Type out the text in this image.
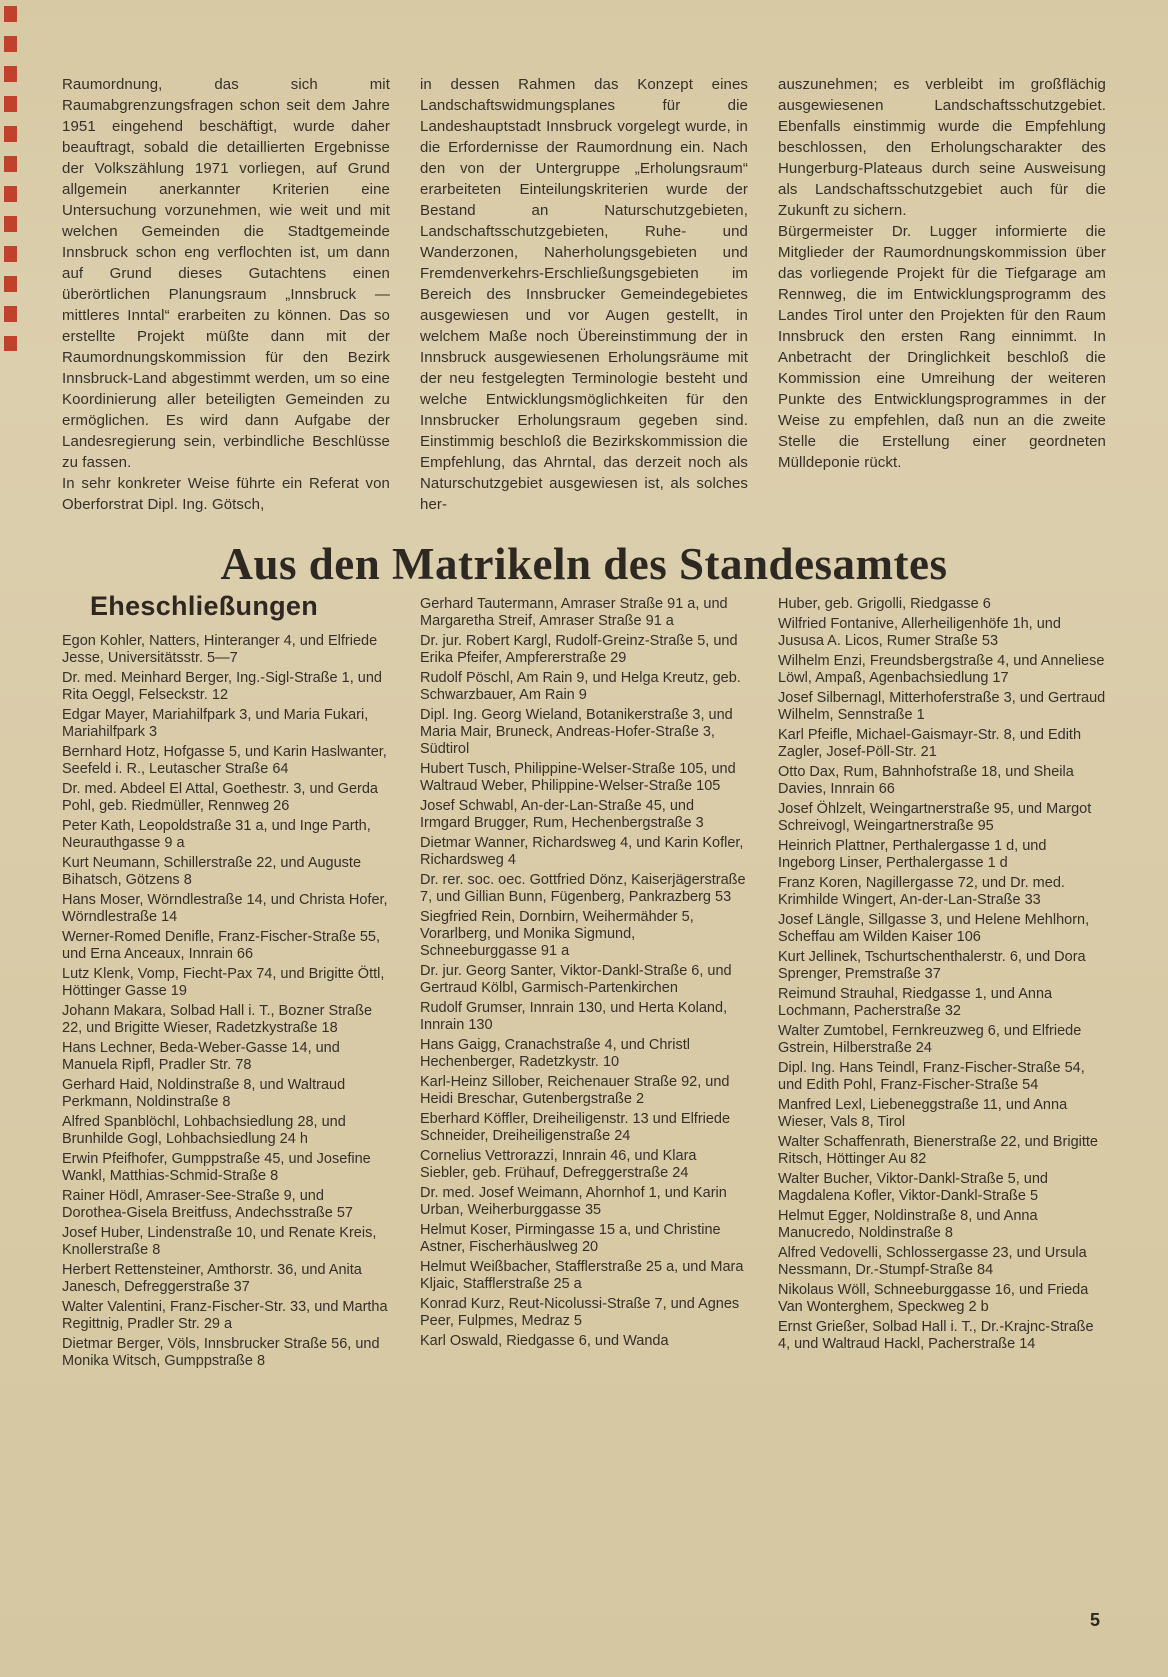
Raumordnung, das sich mit Raumabgrenzungsfragen schon seit dem Jahre 1951 eingehend beschäftigt, wurde daher beauftragt, sobald die detaillierten Ergebnisse der Volkszählung 1971 vorliegen, auf Grund allgemein anerkannter Kriterien eine Untersuchung vorzunehmen, wie weit und mit welchen Gemeinden die Stadtgemeinde Innsbruck schon eng verflochten ist, um dann auf Grund dieses Gutachtens einen überörtlichen Planungsraum „Innsbruck — mittleres Inntal“ erarbeiten zu können. Das so erstellte Projekt müßte dann mit der Raumordnungskommission für den Bezirk Innsbruck-Land abgestimmt werden, um so eine Koordinierung aller beteiligten Gemeinden zu ermöglichen. Es wird dann Aufgabe der Landesregierung sein, verbindliche Beschlüsse zu fassen.

In sehr konkreter Weise führte ein Referat von Oberforstrat Dipl. Ing. Götsch,

in dessen Rahmen das Konzept eines Landschaftswidmungsplanes für die Landeshauptstadt Innsbruck vorgelegt wurde, in die Erfordernisse der Raumordnung ein. Nach den von der Untergruppe „Erholungsraum“ erarbeiteten Einteilungskriterien wurde der Bestand an Naturschutzgebieten, Landschaftsschutzgebieten, Ruhe- und Wanderzonen, Naherholungsgebieten und Fremdenverkehrs-Erschließungsgebieten im Bereich des Innsbrucker Gemeindegebietes ausgewiesen und vor Augen gestellt, in welchem Maße noch Übereinstimmung der in Innsbruck ausgewiesenen Erholungsräume mit der neu festgelegten Terminologie besteht und welche Entwicklungsmöglichkeiten für den Innsbrucker Erholungsraum gegeben sind. Einstimmig beschloß die Bezirkskommission die Empfehlung, das Ahrntal, das derzeit noch als Naturschutzgebiet ausgewiesen ist, als solches her-

auszunehmen; es verbleibt im großflächig ausgewiesenen Landschaftsschutzgebiet. Ebenfalls einstimmig wurde die Empfehlung beschlossen, den Erholungscharakter des Hungerburg-Plateaus durch seine Ausweisung als Landschaftsschutzgebiet auch für die Zukunft zu sichern.

Bürgermeister Dr. Lugger informierte die Mitglieder der Raumordnungskommission über das vorliegende Projekt für die Tiefgarage am Rennweg, die im Entwicklungsprogramm des Landes Tirol unter den Projekten für den Raum Innsbruck den ersten Rang einnimmt. In Anbetracht der Dringlichkeit beschloß die Kommission eine Umreihung der weiteren Punkte des Entwicklungsprogrammes in der Weise zu empfehlen, daß nun an die zweite Stelle die Erstellung einer geordneten Mülldeponie rückt.

Aus den Matrikeln des Standesamtes
Eheschließungen

Egon Kohler, Natters, Hinteranger 4, und Elfriede Jesse, Universitätsstr. 5—7

Dr. med. Meinhard Berger, Ing.-Sigl-Straße 1, und Rita Oeggl, Felseckstr. 12

Edgar Mayer, Mariahilfpark 3, und Maria Fukari, Mariahilfpark 3

Bernhard Hotz, Hofgasse 5, und Karin Haslwanter, Seefeld i. R., Leutascher Straße 64

Dr. med. Abdeel El Attal, Goethestr. 3, und Gerda Pohl, geb. Riedmüller, Rennweg 26

Peter Kath, Leopoldstraße 31 a, und Inge Parth, Neurauthgasse 9 a

Kurt Neumann, Schillerstraße 22, und Auguste Bihatsch, Götzens 8

Hans Moser, Wörndlestraße 14, und Christa Hofer, Wörndlestraße 14

Werner-Romed Denifle, Franz-Fischer-Straße 55, und Erna Anceaux, Innrain 66

Lutz Klenk, Vomp, Fiecht-Pax 74, und Brigitte Öttl, Höttinger Gasse 19

Johann Makara, Solbad Hall i. T., Bozner Straße 22, und Brigitte Wieser, Radetzkystraße 18

Hans Lechner, Beda-Weber-Gasse 14, und Manuela Ripfl, Pradler Str. 78

Gerhard Haid, Noldinstraße 8, und Waltraud Perkmann, Noldinstraße 8

Alfred Spanblöchl, Lohbachsiedlung 28, und Brunhilde Gogl, Lohbachsiedlung 24 h

Erwin Pfeifhofer, Gumppstraße 45, und Josefine Wankl, Matthias-Schmid-Straße 8

Rainer Hödl, Amraser-See-Straße 9, und Dorothea-Gisela Breitfuss, Andechsstraße 57

Josef Huber, Lindenstraße 10, und Renate Kreis, Knollerstraße 8

Herbert Rettensteiner, Amthorstr. 36, und Anita Janesch, Defreggerstraße 37

Walter Valentini, Franz-Fischer-Str. 33, und Martha Regittnig, Pradler Str. 29 a

Dietmar Berger, Völs, Innsbrucker Straße 56, und Monika Witsch, Gumppstraße 8

Gerhard Tautermann, Amraser Straße 91 a, und Margaretha Streif, Amraser Straße 91 a

Dr. jur. Robert Kargl, Rudolf-Greinz-Straße 5, und Erika Pfeifer, Ampfererstraße 29

Rudolf Pöschl, Am Rain 9, und Helga Kreutz, geb. Schwarzbauer, Am Rain 9

Dipl. Ing. Georg Wieland, Botanikerstraße 3, und Maria Mair, Bruneck, Andreas-Hofer-Straße 3, Südtirol

Hubert Tusch, Philippine-Welser-Straße 105, und Waltraud Weber, Philippine-Welser-Straße 105

Josef Schwabl, An-der-Lan-Straße 45, und Irmgard Brugger, Rum, Hechenbergstraße 3

Dietmar Wanner, Richardsweg 4, und Karin Kofler, Richardsweg 4

Dr. rer. soc. oec. Gottfried Dönz, Kaiserjägerstraße 7, und Gillian Bunn, Fügenberg, Pankrazberg 53

Siegfried Rein, Dornbirn, Weihermähder 5, Vorarlberg, und Monika Sigmund, Schneeburggasse 91 a

Dr. jur. Georg Santer, Viktor-Dankl-Straße 6, und Gertraud Kölbl, Garmisch-Partenkirchen

Rudolf Grumser, Innrain 130, und Herta Koland, Innrain 130

Hans Gaigg, Cranachstraße 4, und Christl Hechenberger, Radetzkystr. 10

Karl-Heinz Sillober, Reichenauer Straße 92, und Heidi Breschar, Gutenbergstraße 2

Eberhard Köffler, Dreiheiligenstr. 13 und Elfriede Schneider, Dreiheiligenstraße 24

Cornelius Vettrorazzi, Innrain 46, und Klara Siebler, geb. Frühauf, Defreggerstraße 24

Dr. med. Josef Weimann, Ahornhof 1, und Karin Urban, Weiherburggasse 35

Helmut Koser, Pirmingasse 15 a, und Christine Astner, Fischerhäuslweg 20

Helmut Weißbacher, Stafflerstraße 25 a, und Mara Kljaic, Stafflerstraße 25 a

Konrad Kurz, Reut-Nicolussi-Straße 7, und Agnes Peer, Fulpmes, Medraz 5

Karl Oswald, Riedgasse 6, und Wanda

Huber, geb. Grigolli, Riedgasse 6

Wilfried Fontanive, Allerheiligenhöfe 1h, und Jususa A. Licos, Rumer Straße 53

Wilhelm Enzi, Freundsbergstraße 4, und Anneliese Löwl, Ampaß, Agenbachsiedlung 17

Josef Silbernagl, Mitterhoferstraße 3, und Gertraud Wilhelm, Sennstraße 1

Karl Pfeifle, Michael-Gaismayr-Str. 8, und Edith Zagler, Josef-Pöll-Str. 21

Otto Dax, Rum, Bahnhofstraße 18, und Sheila Davies, Innrain 66

Josef Öhlzelt, Weingartnerstraße 95, und Margot Schreivogl, Weingartnerstraße 95

Heinrich Plattner, Perthalergasse 1 d, und Ingeborg Linser, Perthalergasse 1 d

Franz Koren, Nagillergasse 72, und Dr. med. Krimhilde Wingert, An-der-Lan-Straße 33

Josef Längle, Sillgasse 3, und Helene Mehlhorn, Scheffau am Wilden Kaiser 106

Kurt Jellinek, Tschurtschenthalerstr. 6, und Dora Sprenger, Premstraße 37

Reimund Strauhal, Riedgasse 1, und Anna Lochmann, Pacherstraße 32

Walter Zumtobel, Fernkreuzweg 6, und Elfriede Gstrein, Hilberstraße 24

Dipl. Ing. Hans Teindl, Franz-Fischer-Straße 54, und Edith Pohl, Franz-Fischer-Straße 54

Manfred Lexl, Liebeneggstraße 11, und Anna Wieser, Vals 8, Tirol

Walter Schaffenrath, Bienerstraße 22, und Brigitte Ritsch, Höttinger Au 82

Walter Bucher, Viktor-Dankl-Straße 5, und Magdalena Kofler, Viktor-Dankl-Straße 5

Helmut Egger, Noldinstraße 8, und Anna Manucredo, Noldinstraße 8

Alfred Vedovelli, Schlossergasse 23, und Ursula Nessmann, Dr.-Stumpf-Straße 84

Nikolaus Wöll, Schneeburggasse 16, und Frieda Van Wonterghem, Speckweg 2 b

Ernst Grießer, Solbad Hall i. T., Dr.-Krajnc-Straße 4, und Waltraud Hackl, Pacherstraße 14

5
